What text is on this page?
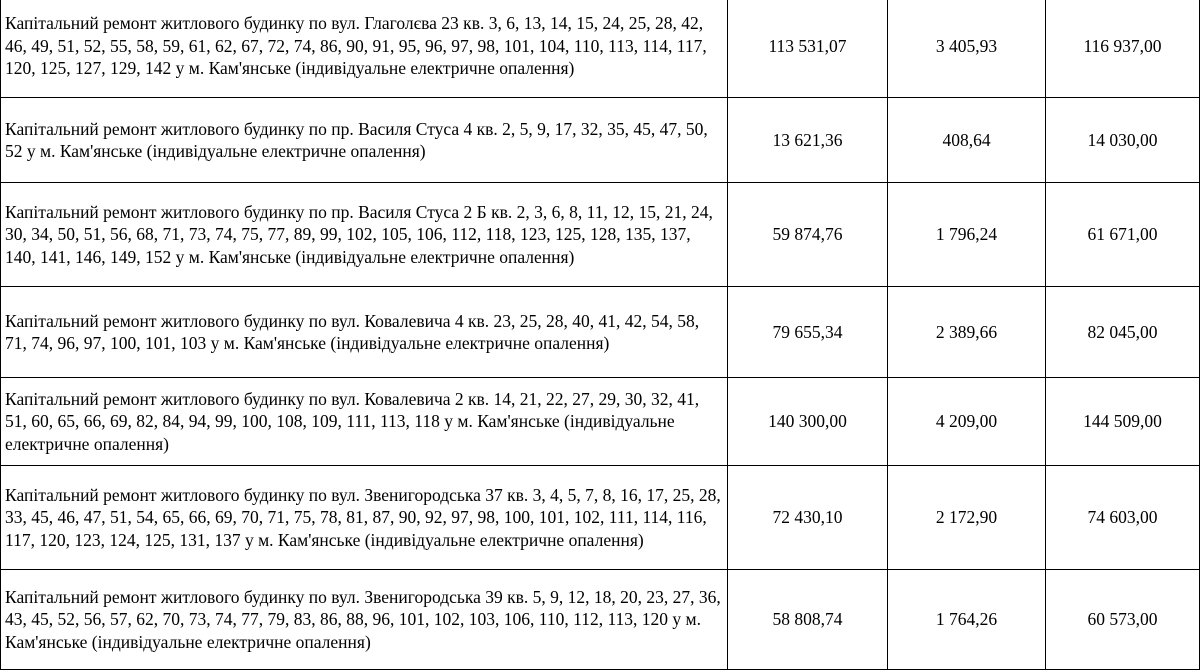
Капітальний ремонт житлового будинку по вул. Глаголєва 23 кв. 3, 6, 13, 14, 15, 24, 25, 28, 42, 46, 49, 51, 52, 55, 58, 59, 61, 62, 67, 72, 74, 86, 90, 91, 95, 96, 97, 98, 101, 104, 110, 113, 114, 117, 120, 125, 127, 129, 142 у м. Кам'янське (індивідуальне електричне опалення)	113 531,07	3 405,93	116 937,00
Капітальний ремонт житлового будинку по пр. Василя Стуса 4 кв. 2, 5, 9, 17, 32, 35, 45, 47, 50, 52 у м. Кам'янське (індивідуальне електричне опалення)	13 621,36	408,64	14 030,00
Капітальний ремонт житлового будинку по пр. Василя Стуса 2 Б кв. 2, 3, 6, 8, 11, 12, 15, 21, 24, 30, 34, 50, 51, 56, 68, 71, 73, 74, 75, 77, 89, 99, 102, 105, 106, 112, 118, 123, 125, 128, 135, 137, 140, 141, 146, 149, 152 у м. Кам'янське (індивідуальне електричне опалення)	59 874,76	1 796,24	61 671,00
Капітальний ремонт житлового будинку по вул. Ковалевича 4 кв. 23, 25, 28, 40, 41, 42, 54, 58, 71, 74, 96, 97, 100, 101, 103 у м. Кам'янське (індивідуальне електричне опалення)	79 655,34	2 389,66	82 045,00
Капітальний ремонт житлового будинку по вул. Ковалевича 2 кв. 14, 21, 22, 27, 29, 30, 32, 41, 51, 60, 65, 66, 69, 82, 84, 94, 99, 100, 108, 109, 111, 113, 118 у м. Кам'янське (індивідуальне електричне опалення)	140 300,00	4 209,00	144 509,00
Капітальний ремонт житлового будинку по вул. Звенигородська 37 кв. 3, 4, 5, 7, 8, 16, 17, 25, 28, 33, 45, 46, 47, 51, 54, 65, 66, 69, 70, 71, 75, 78, 81, 87, 90, 92, 97, 98, 100, 101, 102, 111, 114, 116, 117, 120, 123, 124, 125, 131, 137 у м. Кам'янське (індивідуальне електричне опалення)	72 430,10	2 172,90	74 603,00
Капітальний ремонт житлового будинку по вул. Звенигородська 39 кв. 5, 9, 12, 18, 20, 23, 27, 36, 43, 45, 52, 56, 57, 62, 70, 73, 74, 77, 79, 83, 86, 88, 96, 101, 102, 103, 106, 110, 112, 113, 120 у м. Кам'янське (індивідуальне електричне опалення)	58 808,74	1 764,26	60 573,00
